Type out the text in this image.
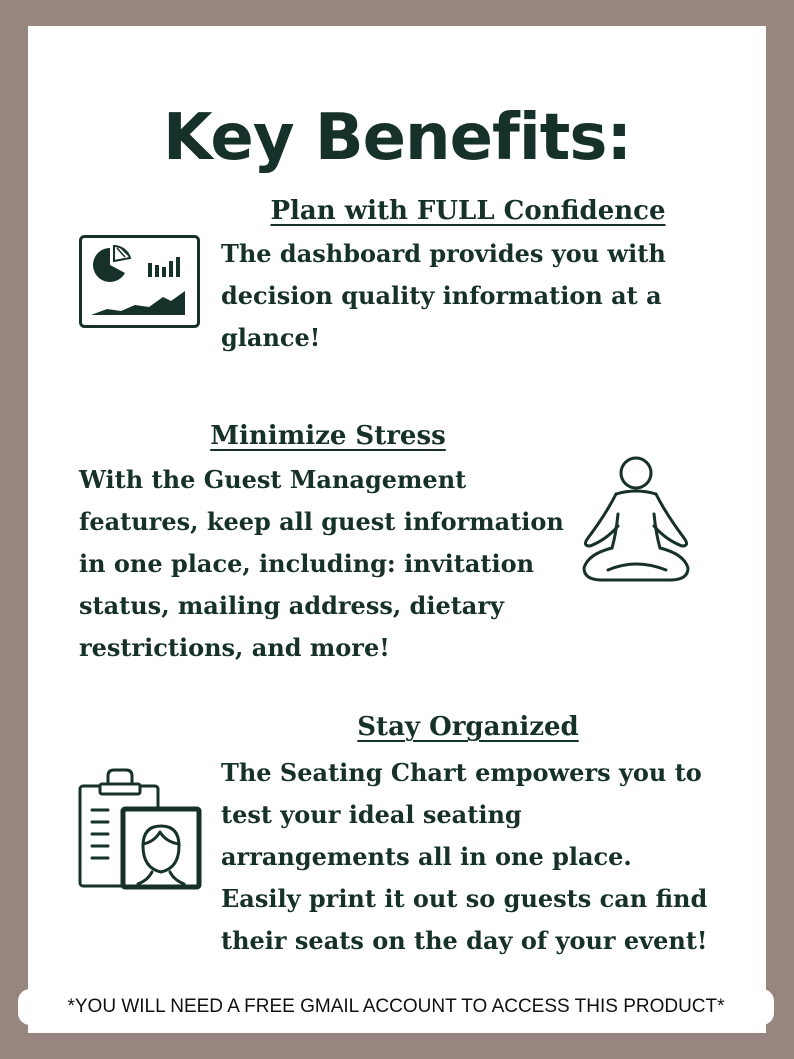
Key Benefits:
Plan with FULL Confidence

The dashboard provides you with decision quality information at a glance!

Minimize Stress

With the Guest Management features, keep all guest information in one place, including: invitation status, mailing address, dietary restrictions, and more!

Stay Organized

The Seating Chart empowers you to test your ideal seating arrangements all in one place. Easily print it out so guests can find their seats on the day of your event!

*YOU WILL NEED A FREE GMAIL ACCOUNT TO ACCESS THIS PRODUCT*
